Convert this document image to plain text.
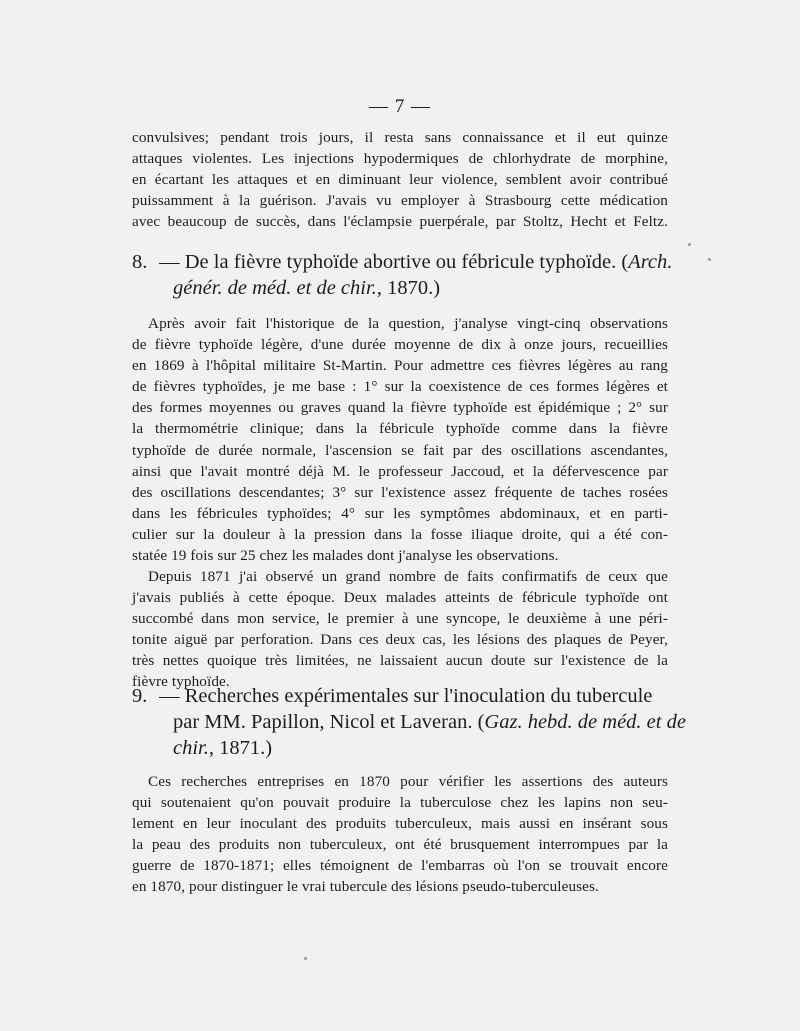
— 7 —
convulsives; pendant trois jours, il resta sans connaissance et il eut quinze
attaques violentes. Les injections hypodermiques de chlorhydrate de morphine,
en écartant les attaques et en diminuant leur violence, semblent avoir contribué
puissamment à la guérison. J'avais vu employer à Strasbourg cette médication
avec beaucoup de succès, dans l'éclampsie puerpérale, par Stoltz, Hecht et Feltz.
8. — De la fièvre typhoïde abortive ou fébricule typhoïde. (Arch.
génér. de méd. et de chir., 1870.)
Après avoir fait l'historique de la question, j'analyse vingt-cinq observations
de fièvre typhoïde légère, d'une durée moyenne de dix à onze jours, recueillies
en 1869 à l'hôpital militaire St-Martin. Pour admettre ces fièvres légères au rang
de fièvres typhoïdes, je me base : 1° sur la coexistence de ces formes légères et
des formes moyennes ou graves quand la fièvre typhoïde est épidémique ; 2° sur
la thermométrie clinique; dans la fébricule typhoïde comme dans la fièvre
typhoïde de durée normale, l'ascension se fait par des oscillations ascendantes,
ainsi que l'avait montré déjà M. le professeur Jaccoud, et la défervescence par
des oscillations descendantes; 3° sur l'existence assez fréquente de taches rosées
dans les fébricules typhoïdes; 4° sur les symptômes abdominaux, et en parti-
culier sur la douleur à la pression dans la fosse iliaque droite, qui a été con-
statée 19 fois sur 25 chez les malades dont j'analyse les observations.
Depuis 1871 j'ai observé un grand nombre de faits confirmatifs de ceux que
j'avais publiés à cette époque. Deux malades atteints de fébricule typhoïde ont
succombé dans mon service, le premier à une syncope, le deuxième à une péri-
tonite aiguë par perforation. Dans ces deux cas, les lésions des plaques de Peyer,
très nettes quoique très limitées, ne laissaient aucun doute sur l'existence de la
fièvre typhoïde.
9. — Recherches expérimentales sur l'inoculation du tubercule
par MM. Papillon, Nicol et Laveran. (Gaz. hebd. de méd. et de
chir., 1871.)
Ces recherches entreprises en 1870 pour vérifier les assertions des auteurs
qui soutenaient qu'on pouvait produire la tuberculose chez les lapins non seu-
lement en leur inoculant des produits tuberculeux, mais aussi en insérant sous
la peau des produits non tuberculeux, ont été brusquement interrompues par la
guerre de 1870-1871; elles témoignent de l'embarras où l'on se trouvait encore
en 1870, pour distinguer le vrai tubercule des lésions pseudo-tuberculeuses.
